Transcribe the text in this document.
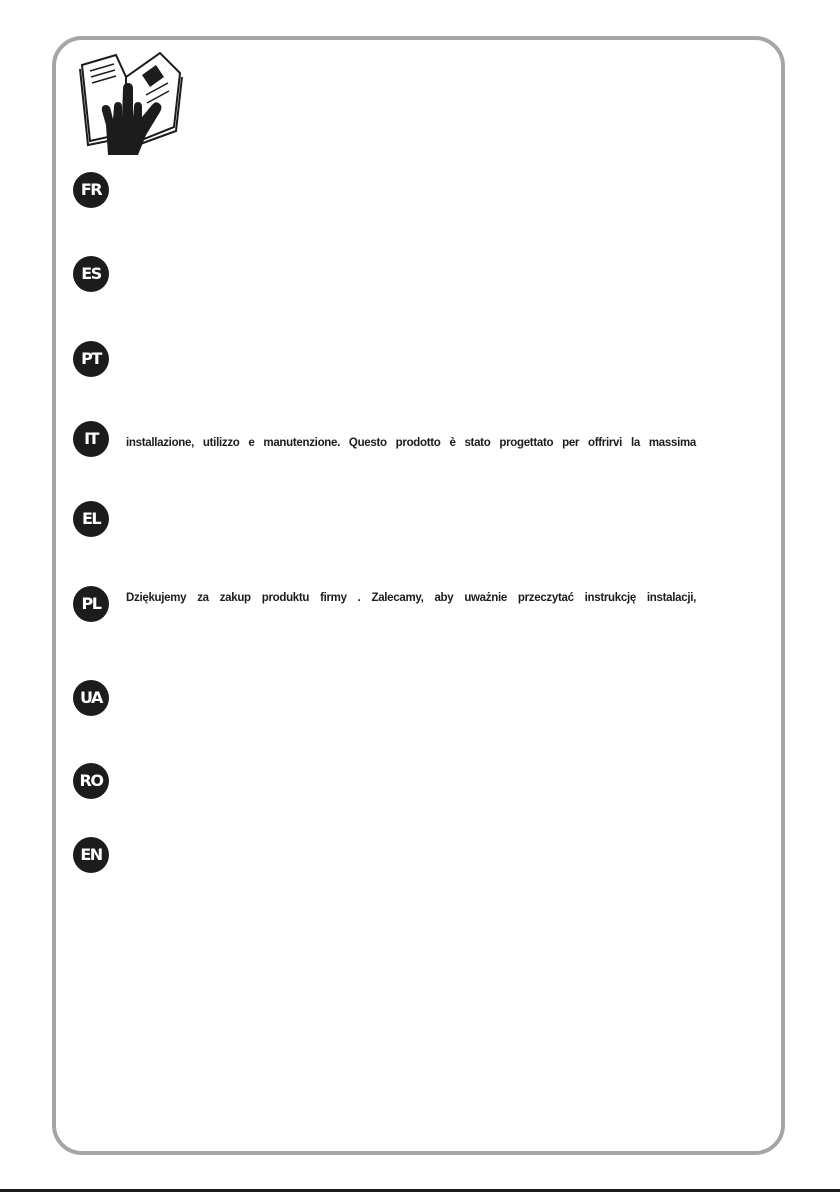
FR
ES
PT
IT	installazione, utilizzo e manutenzione. Questo prodotto è stato progettato per offrirvi la massima
EL
PL	Dziękujemy za zakup produktu firmy . Zalecamy, aby uważnie przeczytać instrukcję instalacji,
UA
RO
EN
